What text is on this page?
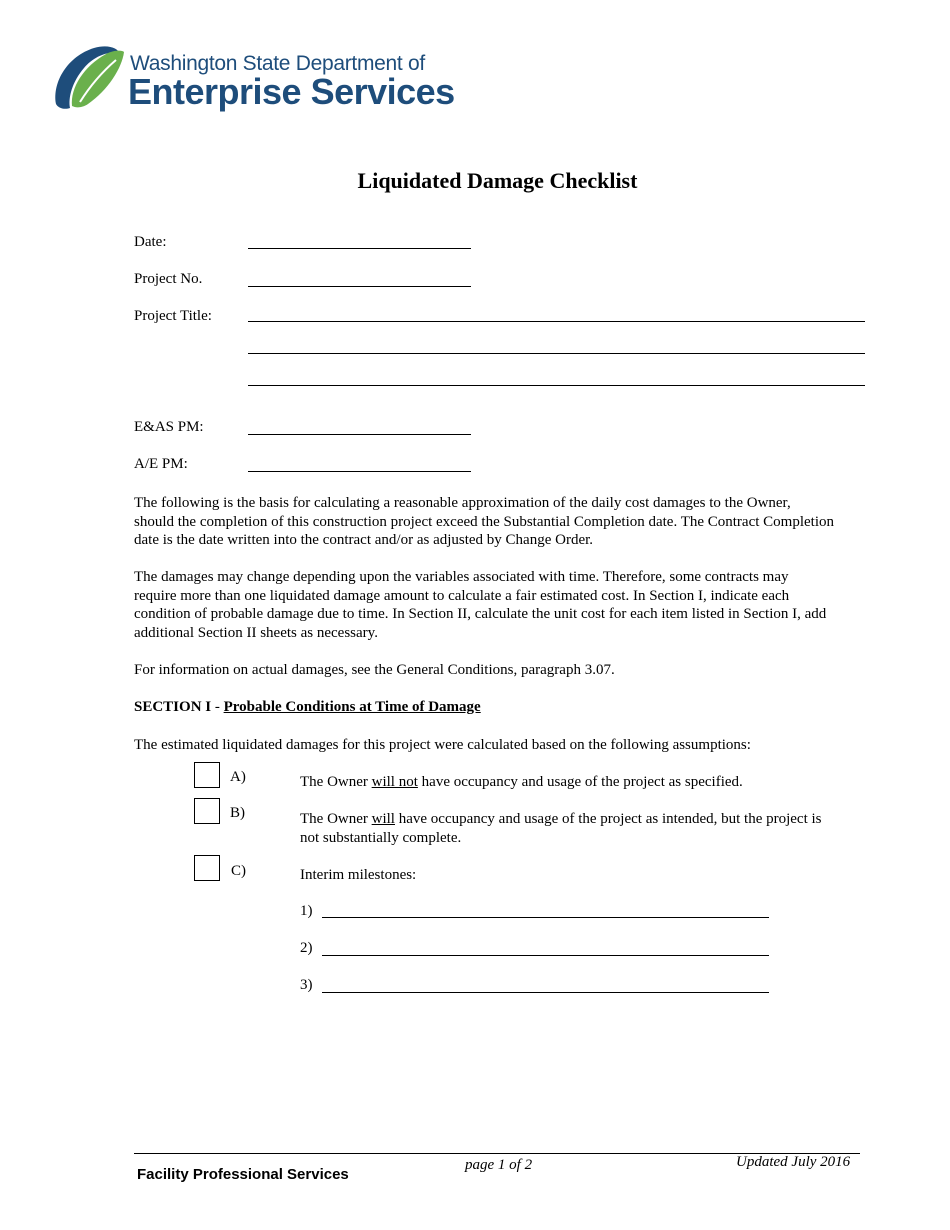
Washington State Department of
Enterprise Services
Liquidated Damage Checklist
Date:
Project No.
Project Title:
E&AS PM:
A/E PM:
The following is the basis for calculating a reasonable approximation of the daily cost damages to the Owner, should the completion of this construction project exceed the Substantial Completion date. The Contract Completion date is the date written into the contract and/or as adjusted by Change Order.
The damages may change depending upon the variables associated with time. Therefore, some contracts may require more than one liquidated damage amount to calculate a fair estimated cost. In Section I, indicate each condition of probable damage due to time. In Section II, calculate the unit cost for each item listed in Section I, add additional Section II sheets as necessary.
For information on actual damages, see the General Conditions, paragraph 3.07.
SECTION I - Probable Conditions at Time of Damage
The estimated liquidated damages for this project were calculated based on the following assumptions:
A)	The Owner will not have occupancy and usage of the project as specified.
B)	The Owner will have occupancy and usage of the project as intended, but the project is not substantially complete.
C)	Interim milestones:
1)
2)
3)
Facility Professional Services
page 1 of 2	Updated July 2016
